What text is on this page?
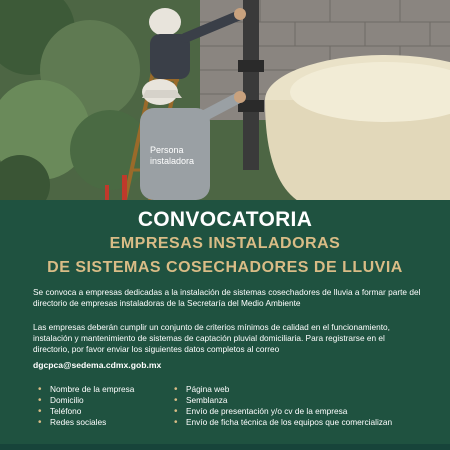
Persona
instaladora
CONVOCATORIA
EMPRESAS INSTALADORAS
DE SISTEMAS COSECHADORES DE LLUVIA
Se convoca a empresas dedicadas a la instalación de sistemas cosechadores de lluvia a formar parte del directorio de empresas instaladoras de la Secretaría del Medio Ambiente
Las empresas deberán cumplir un conjunto de criterios mínimos de calidad en el funcionamiento, instalación y mantenimiento de sistemas de captación pluvial domiciliaria. Para registrarse en el directorio, por favor enviar los siguientes datos completos al correo
dgcpca@sedema.cdmx.gob.mx
• Nombre de la empresa
• Domicilio
• Teléfono
• Redes sociales
• Página web
• Semblanza
• Envío de presentación y/o cv de la empresa
• Envío de ficha técnica de los equipos que comercializan
